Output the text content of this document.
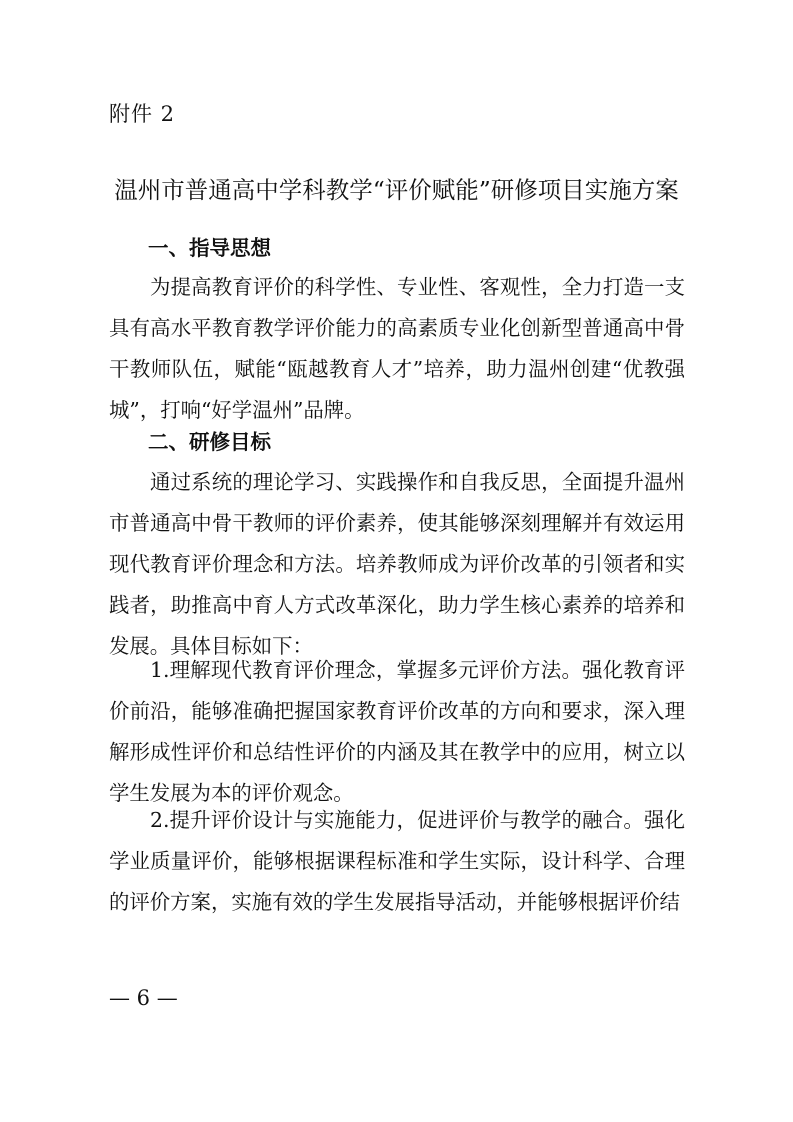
附件 2
温州市普通高中学科教学“评价赋能”研修项目实施方案
一、指导思想

为提高教育评价的科学性、专业性、客观性，全力打造一支具有高水平教育教学评价能力的高素质专业化创新型普通高中骨干教师队伍，赋能“瓯越教育人才”培养，助力温州创建“优教强城”，打响“好学温州”品牌。

二、研修目标

通过系统的理论学习、实践操作和自我反思，全面提升温州市普通高中骨干教师的评价素养，使其能够深刻理解并有效运用现代教育评价理念和方法。培养教师成为评价改革的引领者和实践者，助推高中育人方式改革深化，助力学生核心素养的培养和发展。具体目标如下：

1.理解现代教育评价理念，掌握多元评价方法。强化教育评价前沿，能够准确把握国家教育评价改革的方向和要求，深入理解形成性评价和总结性评价的内涵及其在教学中的应用，树立以学生发展为本的评价观念。

2.提升评价设计与实施能力，促进评价与教学的融合。强化学业质量评价，能够根据课程标准和学生实际，设计科学、合理的评价方案，实施有效的学生发展指导活动，并能够根据评价结

— 6 —
